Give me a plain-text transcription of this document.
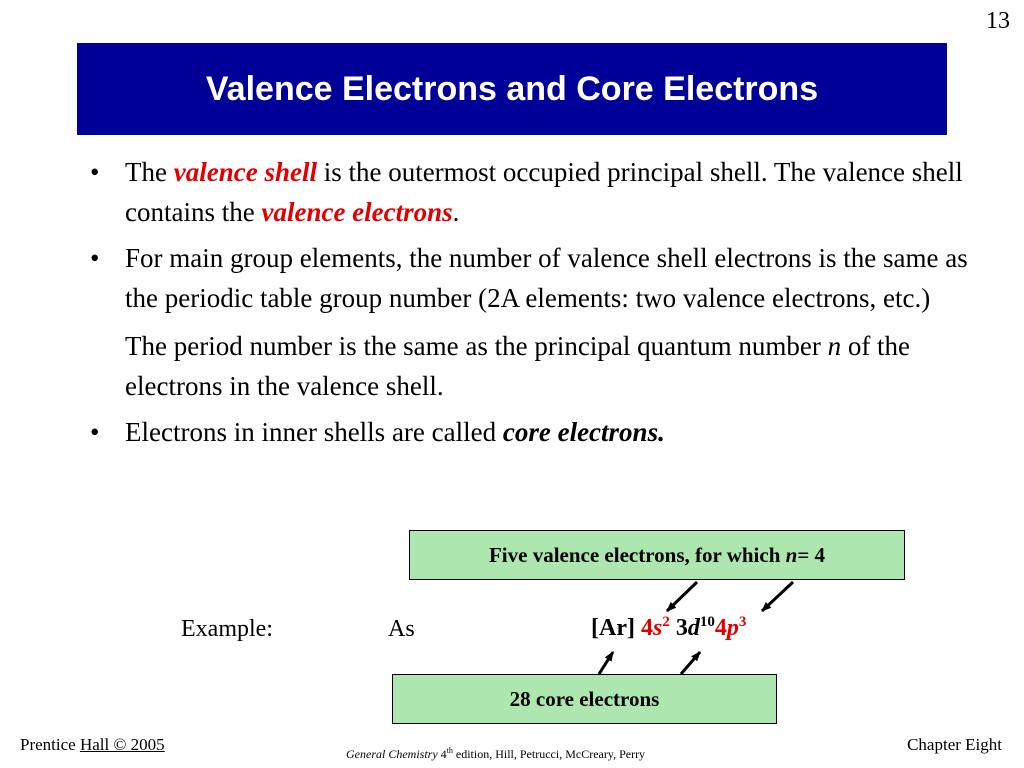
13
Valence Electrons and Core Electrons
• The valence shell is the outermost occupied principal shell. The valence shell contains the valence electrons.
• For main group elements, the number of valence shell electrons is the same as the periodic table group number (2A elements: two valence electrons, etc.)
The period number is the same as the principal quantum number n of the electrons in the valence shell.
• Electrons in inner shells are called core electrons.
Five valence electrons, for which
n = 4
Example:	As	[Ar] $4s^2$ $3d^{10}4p^3$
28 core electrons
Prentice Hall © 2005	General Chemistry 4th edition, Hill, Petrucci, McCreary, Perry	Chapter Eight
